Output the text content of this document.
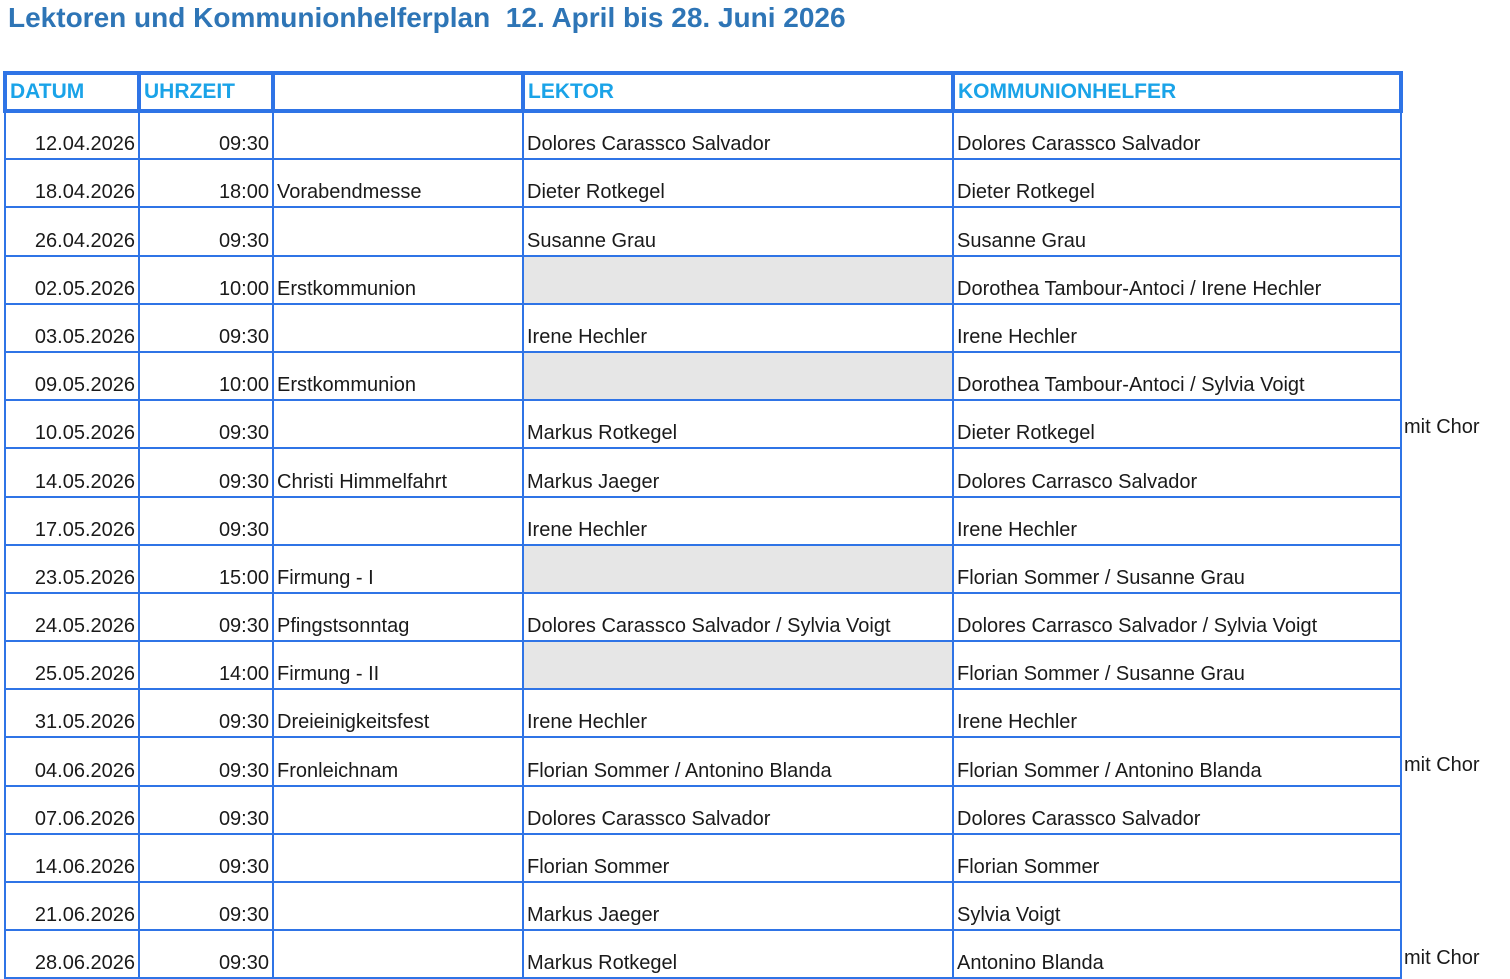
Lektoren und Kommunionhelferplan  12. April bis 28. Juni 2026
DATUM	UHRZEIT		LEKTOR	KOMMUNIONHELFER
12.04.2026	09:30		Dolores Carassco Salvador	Dolores Carassco Salvador
18.04.2026	18:00	Vorabendmesse	Dieter Rotkegel	Dieter Rotkegel
26.04.2026	09:30		Susanne Grau	Susanne Grau
02.05.2026	10:00	Erstkommunion		Dorothea Tambour-Antoci / Irene Hechler
03.05.2026	09:30		Irene Hechler	Irene Hechler
09.05.2026	10:00	Erstkommunion		Dorothea Tambour-Antoci / Sylvia Voigt
10.05.2026	09:30		Markus Rotkegel	Dieter Rotkegel
14.05.2026	09:30	Christi Himmelfahrt	Markus Jaeger	Dolores Carrasco Salvador
17.05.2026	09:30		Irene Hechler	Irene Hechler
23.05.2026	15:00	Firmung - I		Florian Sommer / Susanne Grau
24.05.2026	09:30	Pfingstsonntag	Dolores Carassco Salvador / Sylvia Voigt	Dolores Carrasco Salvador / Sylvia Voigt
25.05.2026	14:00	Firmung - II		Florian Sommer / Susanne Grau
31.05.2026	09:30	Dreieinigkeitsfest	Irene Hechler	Irene Hechler
04.06.2026	09:30	Fronleichnam	Florian Sommer / Antonino Blanda	Florian Sommer / Antonino Blanda
07.06.2026	09:30		Dolores Carassco Salvador	Dolores Carassco Salvador
14.06.2026	09:30		Florian Sommer	Florian Sommer
21.06.2026	09:30		Markus Jaeger	Sylvia Voigt
28.06.2026	09:30		Markus Rotkegel	Antonino Blanda
mit Chor
mit Chor
mit Chor
